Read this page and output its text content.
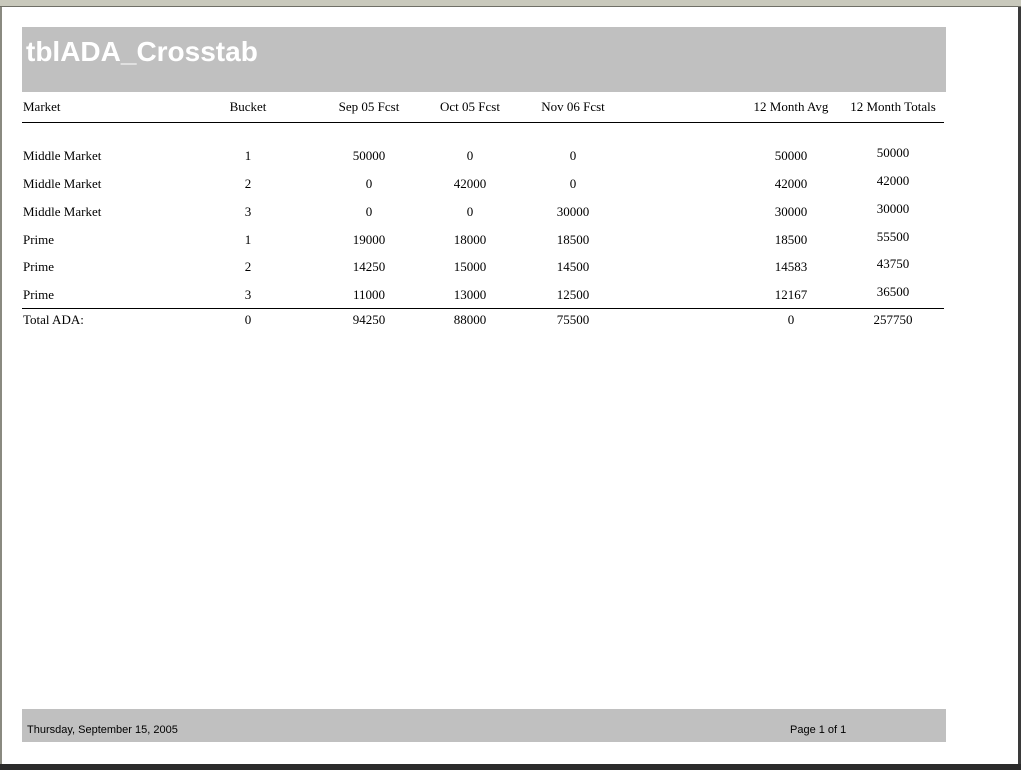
tblADA_Crosstab
Market	Bucket	Sep 05 Fcst	Oct 05 Fcst	Nov 06 Fcst	12 Month Avg	12 Month Totals
Middle Market	1	50000	0	0	50000	50000
Middle Market	2	0	42000	0	42000	42000
Middle Market	3	0	0	30000	30000	30000
Prime	1	19000	18000	18500	18500	55500
Prime	2	14250	15000	14500	14583	43750
Prime	3	11000	13000	12500	12167	36500
Total ADA:	0	94250	88000	75500	0	257750
Thursday, September 15, 2005	Page 1 of 1
